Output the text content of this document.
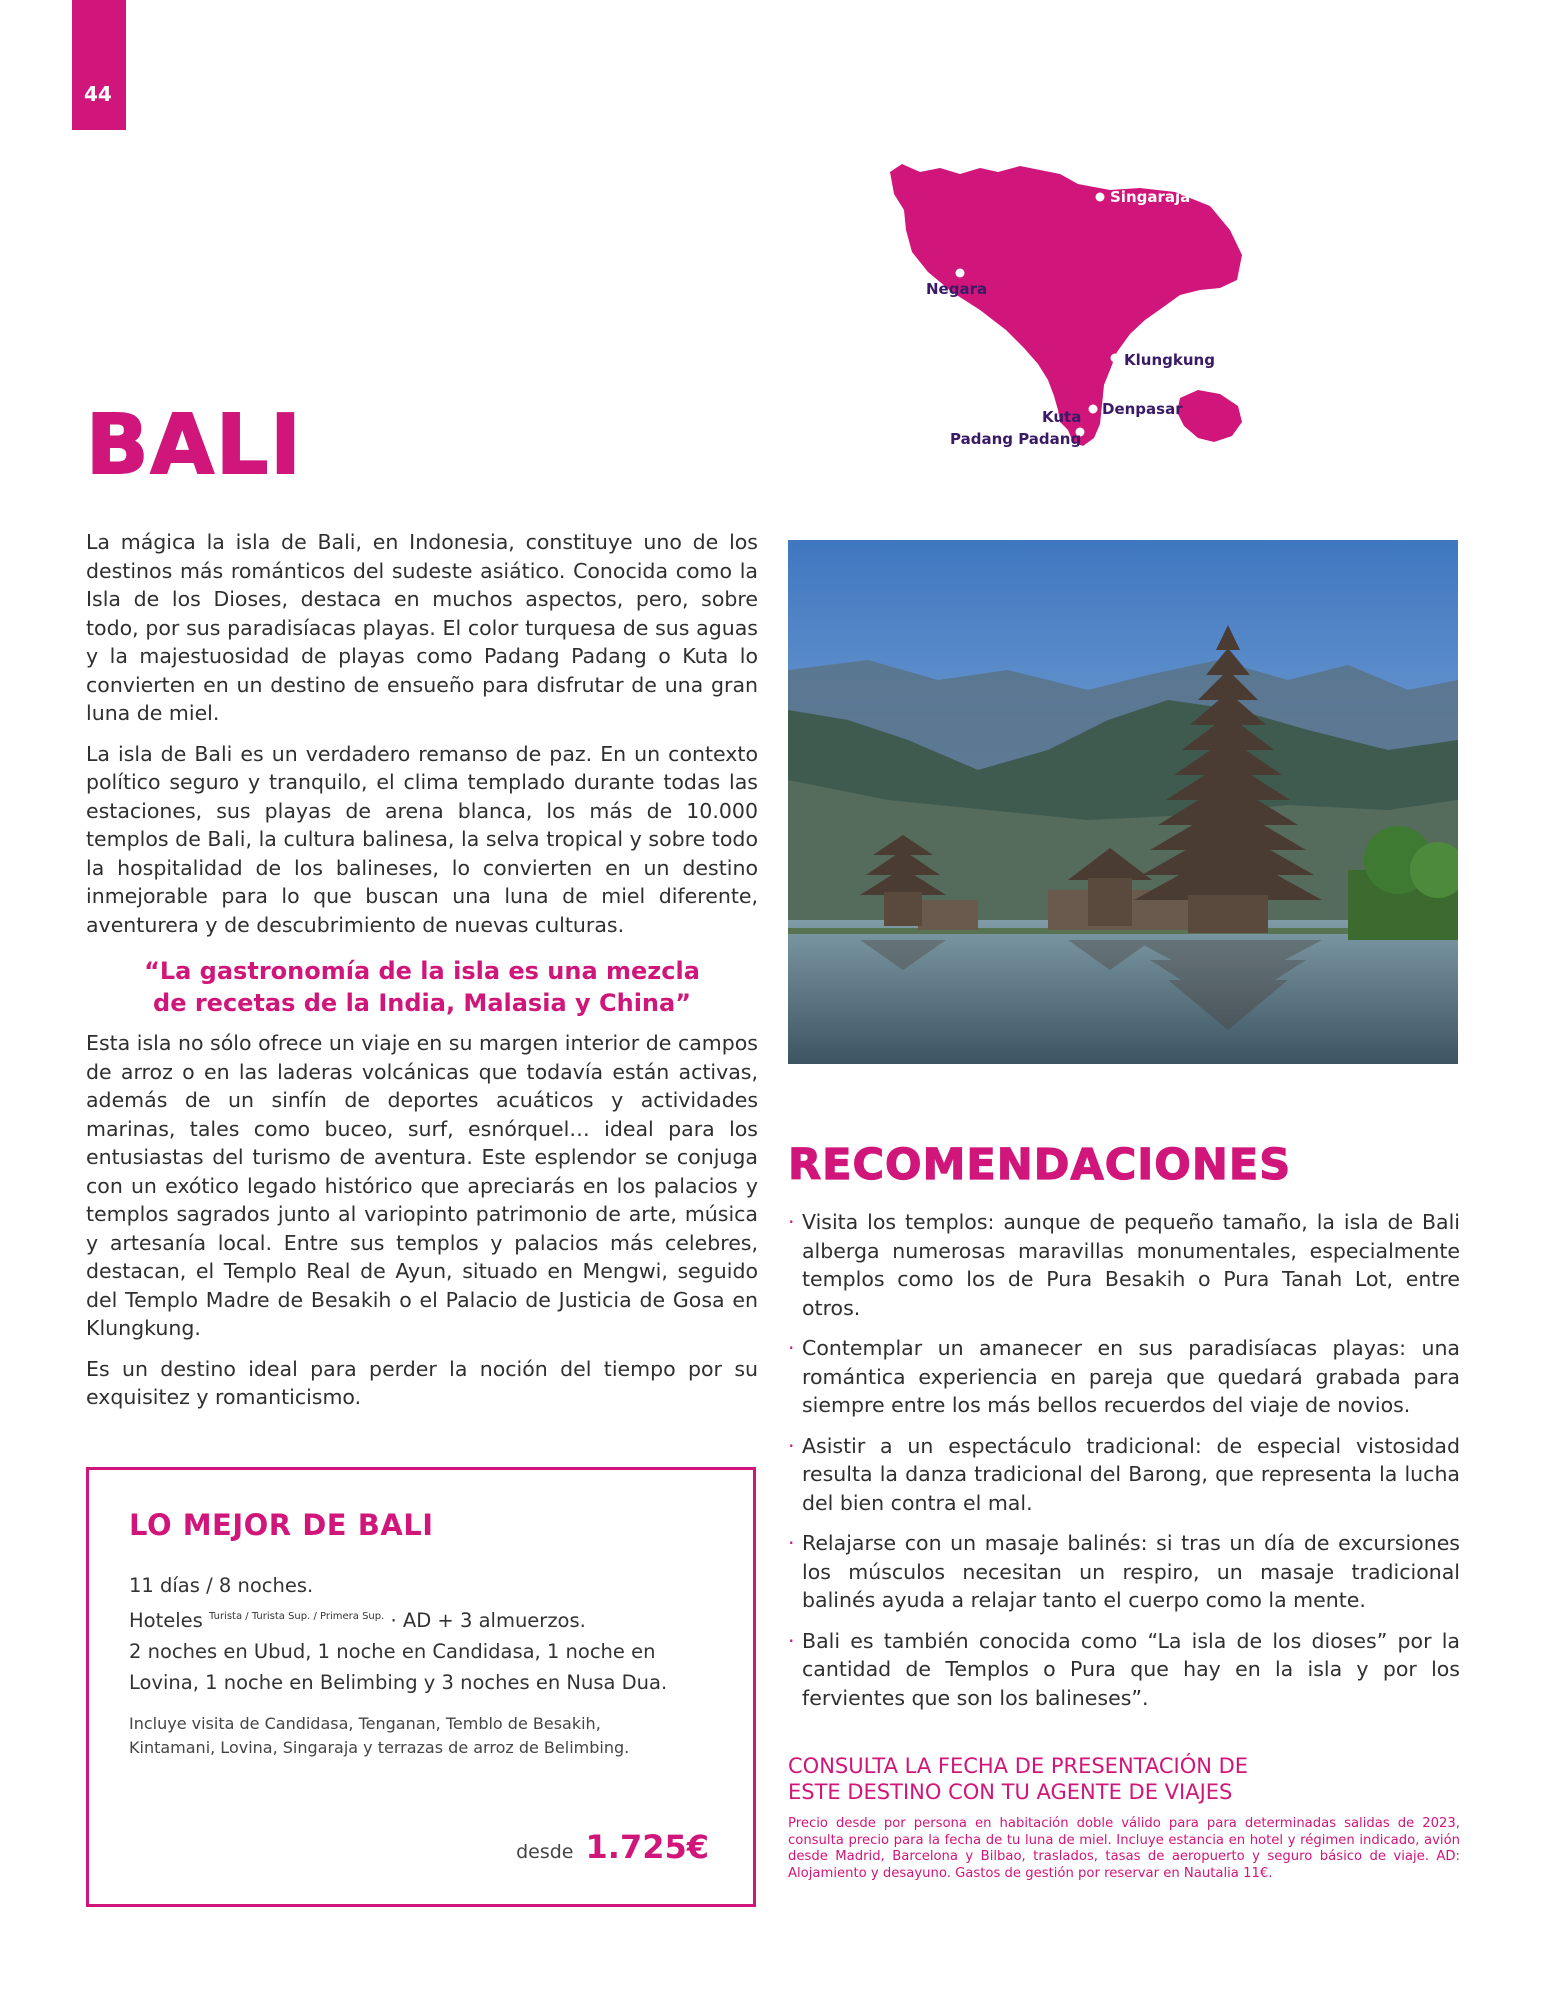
44
Singaraja
Negara
Klungkung
Denpasar
Kuta
Padang Padang
BALI

La mágica la isla de Bali, en Indonesia, constituye uno de los destinos más románticos del sudeste asiático. Conocida como la Isla de los Dioses, destaca en muchos aspectos, pero, sobre todo, por sus paradisíacas playas. El color turquesa de sus aguas y la majestuosidad de playas como Padang Padang o Kuta lo convierten en un destino de ensueño para disfrutar de una gran luna de miel.

La isla de Bali es un verdadero remanso de paz. En un contexto político seguro y tranquilo, el clima templado durante todas las estaciones, sus playas de arena blanca, los más de 10.000 templos de Bali, la cultura balinesa, la selva tropical y sobre todo la hospitalidad de los balineses, lo convierten en un destino inmejorable para lo que buscan una luna de miel diferente, aventurera y de descubrimiento de nuevas culturas.

“La gastronomía de la isla es una mezcla de recetas de la India, Malasia y China”

Esta isla no sólo ofrece un viaje en su margen interior de campos de arroz o en las laderas volcánicas que todavía están activas, además de un sinfín de deportes acuáticos y actividades marinas, tales como buceo, surf, esnórquel… ideal para los entusiastas del turismo de aventura. Este esplendor se conjuga con un exótico legado histórico que apreciarás en los palacios y templos sagrados junto al variopinto patrimonio de arte, música y artesanía local. Entre sus templos y palacios más celebres, destacan, el Templo Real de Ayun, situado en Mengwi, seguido del Templo Madre de Besakih o el Palacio de Justicia de Gosa en Klungkung.

Es un destino ideal para perder la noción del tiempo por su exquisitez y romanticismo.

LO MEJOR DE BALI
11 días / 8 noches.
Hoteles $^{Turista / Turista Sup. / Primera Sup.}$ · AD + 3 almuerzos.
2 noches en Ubud, 1 noche en Candidasa, 1 noche en Lovina, 1 noche en Belimbing y 3 noches en Nusa Dua.
Incluye visita de Candidasa, Tenganan, Temblo de Besakih, Kintamani, Lovina, Singaraja y terrazas de arroz de Belimbing.
desde 1.725€
RECOMENDACIONES
· Visita los templos: aunque de pequeño tamaño, la isla de Bali alberga numerosas maravillas monumentales, especialmente templos como los de Pura Besakih o Pura Tanah Lot, entre otros.
· Contemplar un amanecer en sus paradisíacas playas: una romántica experiencia en pareja que quedará grabada para siempre entre los más bellos recuerdos del viaje de novios.
· Asistir a un espectáculo tradicional: de especial vistosidad resulta la danza tradicional del Barong, que representa la lucha del bien contra el mal.
· Relajarse con un masaje balinés: si tras un día de excursiones los músculos necesitan un respiro, un masaje tradicional balinés ayuda a relajar tanto el cuerpo como la mente.
· Bali es también conocida como “La isla de los dioses” por la cantidad de Templos o Pura que hay en la isla y por los fervientes que son los balineses”.
CONSULTA LA FECHA DE PRESENTACIÓN DE
ESTE DESTINO CON TU AGENTE DE VIAJES

Precio desde por persona en habitación doble válido para para determinadas salidas de 2023, consulta precio para la fecha de tu luna de miel. Incluye estancia en hotel y régimen indicado, avión desde Madrid, Barcelona y Bilbao, traslados, tasas de aeropuerto y seguro básico de viaje. AD: Alojamiento y desayuno. Gastos de gestión por reservar en Nautalia 11€.
